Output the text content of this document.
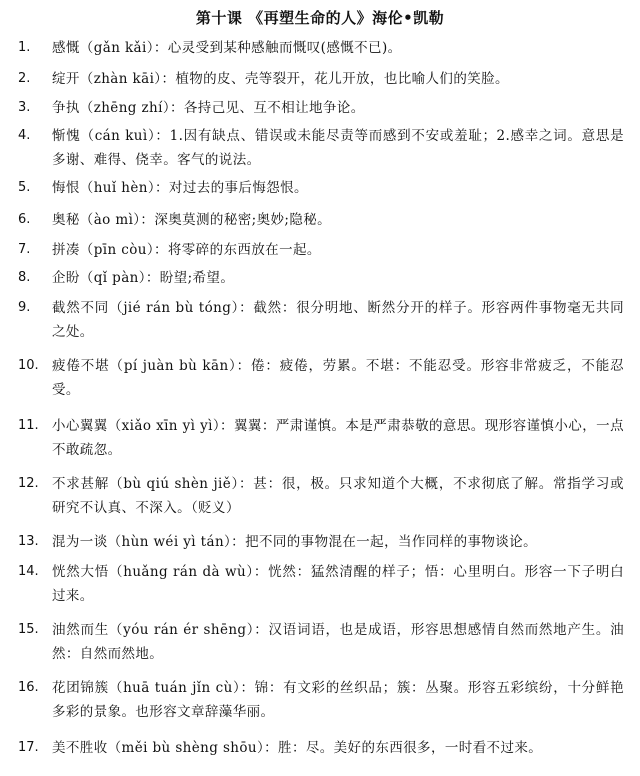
第十课 《再塑生命的人》海伦•凯勒
1.	感慨（gǎn kǎi）：心灵受到某种感触而慨叹(感慨不已)。
2.	绽开（zhàn kāi）：植物的皮、壳等裂开，花儿开放，也比喻人们的笑脸。
3.	争执（zhēng zhí）：各持己见、互不相让地争论。
4.	惭愧（cán kuì）：1.因有缺点、错误或未能尽责等而感到不安或羞耻；2.感幸之词。意思是多谢、难得、侥幸。客气的说法。
5.	悔恨（huǐ hèn）：对过去的事后悔怨恨。
6.	奥秘（ào mì）：深奥莫测的秘密;奥妙;隐秘。
7.	拼凑（pīn còu）：将零碎的东西放在一起。
8.	企盼（qǐ pàn）：盼望;希望。
9.	截然不同（jié rán bù tóng）：截然：很分明地、断然分开的样子。形容两件事物毫无共同之处。
10. 疲倦不堪（pí juàn bù kān）：倦：疲倦，劳累。不堪：不能忍受。形容非常疲乏，不能忍受。
11. 小心翼翼（xiǎo xīn yì yì）：翼翼：严肃谨慎。本是严肃恭敬的意思。现形容谨慎小心，一点不敢疏忽。
12. 不求甚解（bù qiú shèn jiě）：甚：很，极。只求知道个大概，不求彻底了解。常指学习或研究不认真、不深入。（贬义）
13. 混为一谈（hùn wéi yì tán）：把不同的事物混在一起，当作同样的事物谈论。
14. 恍然大悟（huǎng rán dà wù）：恍然：猛然清醒的样子；悟：心里明白。形容一下子明白过来。
15. 油然而生（yóu rán ér shēng）：汉语词语，也是成语，形容思想感情自然而然地产生。油然：自然而然地。
16. 花团锦簇（huā tuán jǐn cù）：锦：有文彩的丝织品；簇：丛聚。形容五彩缤纷，十分鲜艳多彩的景象。也形容文章辞藻华丽。
17. 美不胜收（měi bù shèng shōu）：胜：尽。美好的东西很多，一时看不过来。
